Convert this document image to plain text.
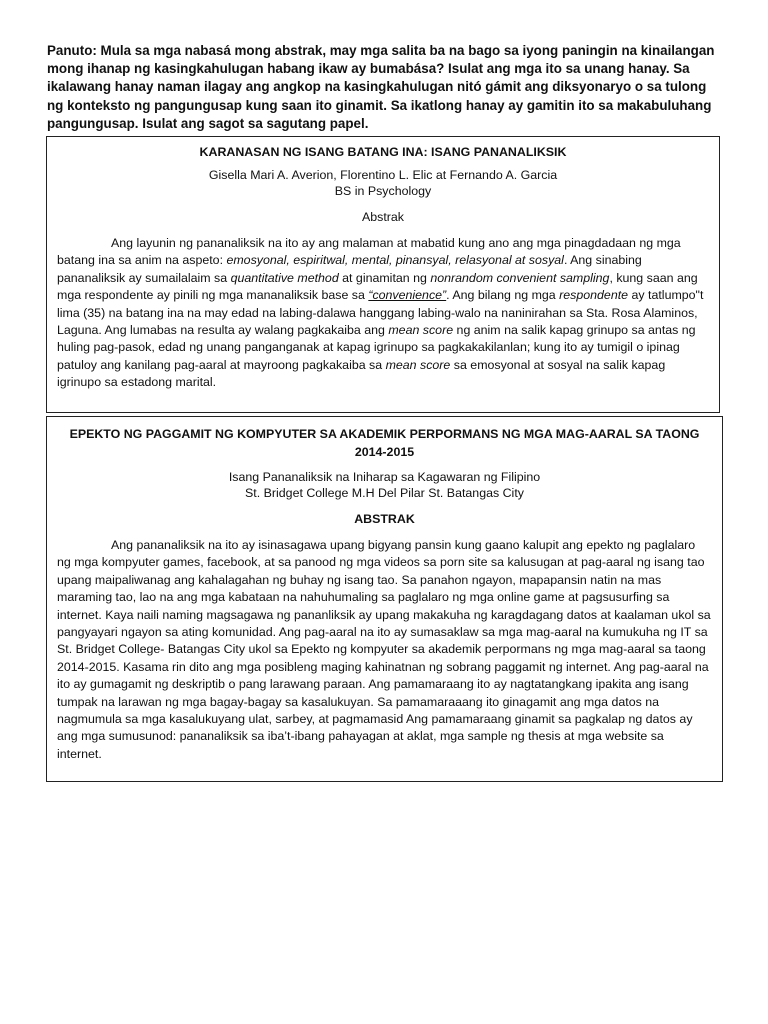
Panuto: Mula sa mga nabasá mong abstrak, may mga salita ba na bago sa iyong paningin na kinailangan mong ihanap ng kasingkahulugan habang ikaw ay bumabása? Isulat ang mga ito sa unang hanay. Sa ikalawang hanay naman ilagay ang angkop na kasingkahulugan nitó gámit ang diksyonaryo o sa tulong ng konteksto ng pangungusap kung saan ito ginamit. Sa ikatlong hanay ay gamitin ito sa makabuluhang pangungusap. Isulat ang sagot sa sagutang papel.
KARANASAN NG ISANG BATANG INA: ISANG PANANALIKSIK
Gisella Mari A. Averion, Florentino L. Elic at Fernando A. Garcia
BS in Psychology
Abstrak

Ang layunin ng pananaliksik na ito ay ang malaman at mabatid kung ano ang mga pinagdadaan ng mga batang ina sa anim na aspeto: emosyonal, espiritwal, mental, pinansyal, relasyonal at sosyal. Ang sinabing pananaliksik ay sumailalaim sa quantitative method at ginamitan ng nonrandom convenient sampling, kung saan ang mga respondente ay pinili ng mga mananaliksik base sa “convenience”. Ang bilang ng mga respondente ay tatlumpo"t lima (35) na batang ina na may edad na labing-dalawa hanggang labing-walo na naninirahan sa Sta. Rosa Alaminos, Laguna. Ang lumabas na resulta ay walang pagkakaiba ang mean score ng anim na salik kapag grinupo sa antas ng huling pag-pasok, edad ng unang panganganak at kapag igrinupo sa pagkakakilanlan; kung ito ay tumigil o ipinag patuloy ang kanilang pag-aaral at mayroong pagkakaiba sa mean score sa emosyonal at sosyal na salik kapag igrinupo sa estadong marital.

EPEKTO NG PAGGAMIT NG KOMPYUTER SA AKADEMIK PERPORMANS NG MGA MAG-AARAL SA TAONG 2014-2015
Isang Pananaliksik na Iniharap sa Kagawaran ng Filipino
St. Bridget College M.H Del Pilar St. Batangas City
ABSTRAK

Ang pananaliksik na ito ay isinasagawa upang bigyang pansin kung gaano kalupit ang epekto ng paglalaro ng mga kompyuter games, facebook, at sa panood ng mga videos sa porn site sa kalusugan at pag-aaral ng isang tao upang maipaliwanag ang kahalagahan ng buhay ng isang tao. Sa panahon ngayon, mapapansin natin na mas maraming tao, lao na ang mga kabataan na nahuhumaling sa paglalaro ng mga online game at pagsusurfing sa internet. Kaya naili naming magsagawa ng pananliksik ay upang makakuha ng karagdagang datos at kaalaman ukol sa pangyayari ngayon sa ating komunidad. Ang pag-aaral na ito ay sumasaklaw sa mga mag-aaral na kumukuha ng IT sa St. Bridget College- Batangas City ukol sa Epekto ng kompyuter sa akademik perpormans ng mga mag-aaral sa taong 2014-2015. Kasama rin dito ang mga posibleng maging kahinatnan ng sobrang paggamit ng internet. Ang pag-aaral na ito ay gumagamit ng deskriptib o pang larawang paraan. Ang pamamaraang ito ay nagtatangkang ipakita ang isang tumpak na larawan ng mga bagay-bagay sa kasalukuyan. Sa pamamaraaang ito ginagamit ang mga datos na nagmumula sa mga kasalukuyang ulat, sarbey, at pagmamasid Ang pamamaraang ginamit sa pagkalap ng datos ay ang mga sumusunod: pananaliksik sa iba’t-ibang pahayagan at aklat, mga sample ng thesis at mga website sa internet.
